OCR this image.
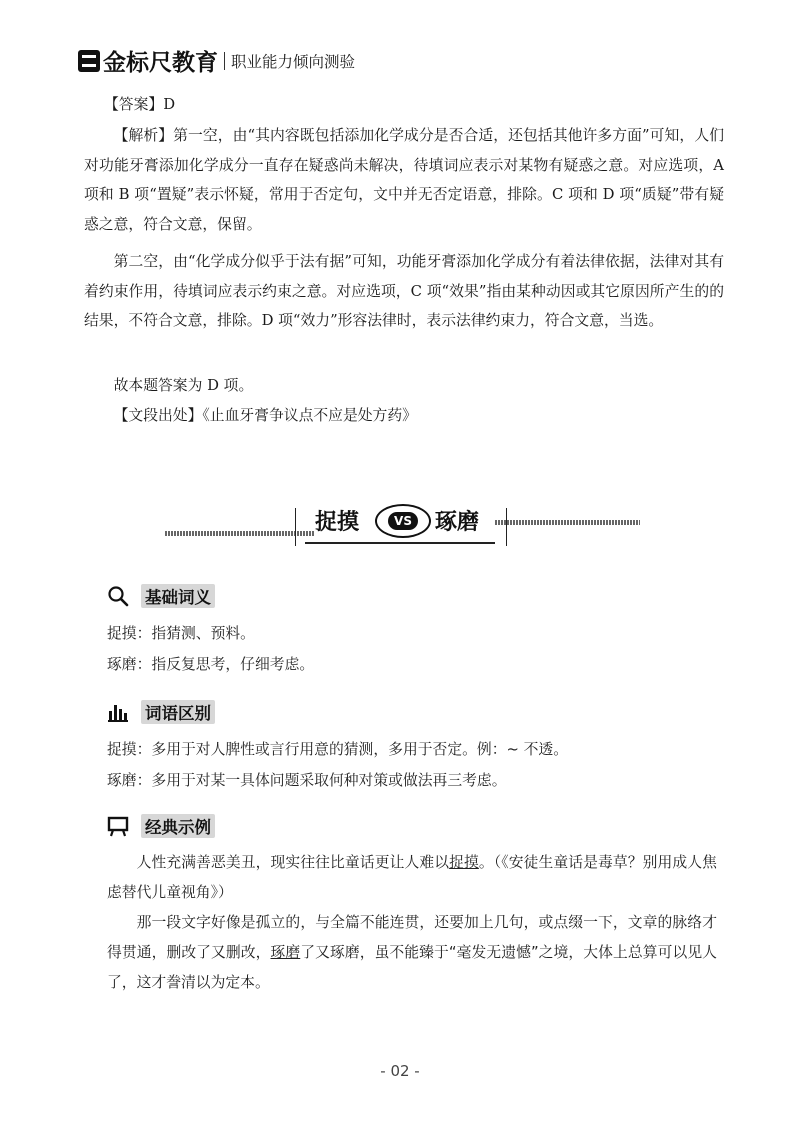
金标尺教育 职业能力倾向测验
【答案】D
【解析】第一空，由“其内容既包括添加化学成分是否合适，还包括其他许多方面”可知，人们对功能牙膏添加化学成分一直存在疑惑尚未解决，待填词应表示对某物有疑惑之意。对应选项，A 项和 B 项“置疑”表示怀疑，常用于否定句，文中并无否定语意，排除。C 项和 D 项“质疑”带有疑惑之意，符合文意，保留。
第二空，由“化学成分似乎于法有据”可知，功能牙膏添加化学成分有着法律依据，法律对其有着约束作用，待填词应表示约束之意。对应选项，C 项“效果”指由某种动因或其它原因所产生的的结果，不符合文意，排除。D 项“效力”形容法律时，表示法律约束力，符合文意，当选。
故本题答案为 D 项。
【文段出处】《止血牙膏争议点不应是处方药》
捉摸	VS 琢磨
基础词义
捉摸：指猜测、预料。
琢磨：指反复思考，仔细考虑。
词语区别
捉摸：多用于对人脾性或言行用意的猜测，多用于否定。例：~ 不透。
琢磨：多用于对某一具体问题采取何种对策或做法再三考虑。
经典示例
人性充满善恶美丑，现实往往比童话更让人难以捉摸。（《安徒生童话是毒草？别用成人焦虑替代儿童视角》）
那一段文字好像是孤立的，与全篇不能连贯，还要加上几句，或点缀一下，文章的脉络才得贯通，删改了又删改，琢磨了又琢磨，虽不能臻于“毫发无遗憾”之境，大体上总算可以见人了，这才誊清以为定本。
- 02 -
